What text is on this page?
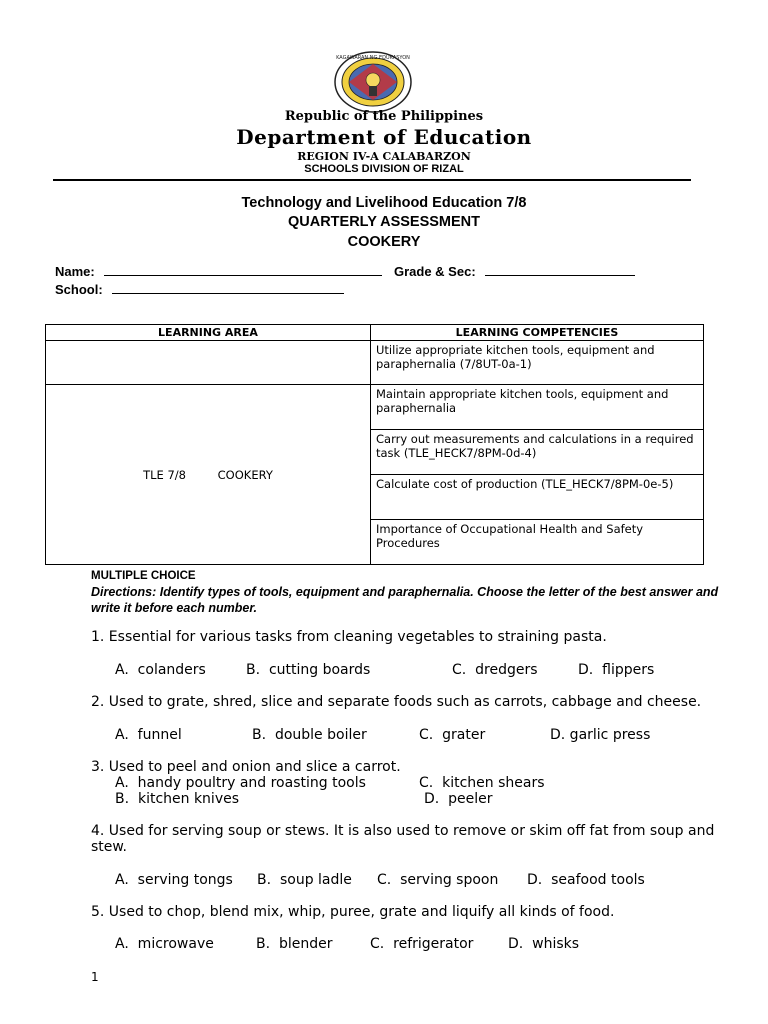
KAGAWARAN NG EDUKASYON
Republic of the Philippines
Department of Education
REGION IV-A CALABARZON
SCHOOLS DIVISION OF RIZAL
Technology and Livelihood Education 7/8
QUARTERLY ASSESSMENT
COOKERY
Name:	Grade & Sec:
School:
LEARNING AREA	LEARNING COMPETENCIES
	Utilize appropriate kitchen tools, equipment and paraphernalia (7/8UT-0a-1)
TLE 7/8 COOKERY	Maintain appropriate kitchen tools, equipment and paraphernalia
	Carry out measurements and calculations in a required task (TLE_HECK7/8PM-0d-4)
	Calculate cost of production (TLE_HECK7/8PM-0e-5)
	Importance of Occupational Health and Safety Procedures
MULTIPLE CHOICE
Directions: Identify types of tools, equipment and paraphernalia. Choose the letter of the best answer and write it before each number.
1. Essential for various tasks from cleaning vegetables to straining pasta.
A.  colanders	B.  cutting boards	C.  dredgers	D.  flippers
2. Used to grate, shred, slice and separate foods such as carrots, cabbage and cheese.
A.  funnel	B.  double boiler	C.  grater	D. garlic press
3. Used to peel and onion and slice a carrot.
A.  handy poultry and roasting tools	C.  kitchen shears
B.  kitchen knives	D.  peeler
4. Used for serving soup or stews. It is also used to remove or skim off fat from soup and stew.
A.  serving tongs B.  soup ladle C.  serving spoon D.  seafood tools
5. Used to chop, blend mix, whip, puree, grate and liquify all kinds of food.
A.  microwave	B.  blender	C.  refrigerator D.  whisks
1
